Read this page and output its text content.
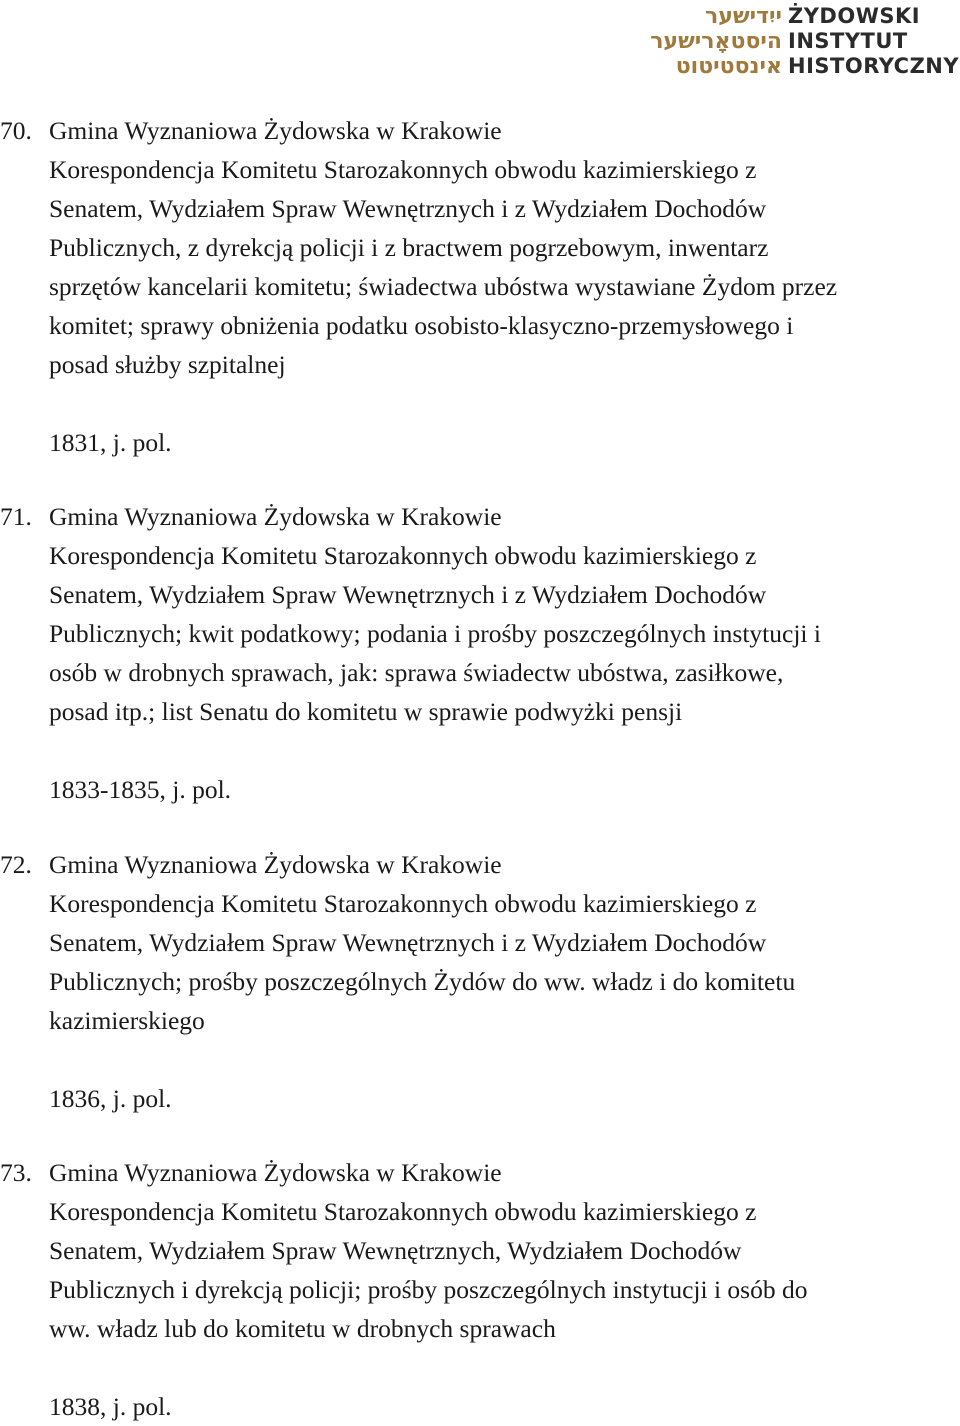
ייִדישער
היסטאָרישער
אינסטיטוט
ŻYDOWSKI
INSTYTUT
HISTORYCZNY
70. Gmina Wyznaniowa Żydowska w Krakowie
Korespondencja Komitetu Starozakonnych obwodu kazimierskiego z
Senatem, Wydziałem Spraw Wewnętrznych i z Wydziałem Dochodów
Publicznych, z dyrekcją policji i z bractwem pogrzebowym, inwentarz
sprzętów kancelarii komitetu; świadectwa ubóstwa wystawiane Żydom przez
komitet; sprawy obniżenia podatku osobisto-klasyczno-przemysłowego i
posad służby szpitalnej
1831, j. pol.
71. Gmina Wyznaniowa Żydowska w Krakowie
Korespondencja Komitetu Starozakonnych obwodu kazimierskiego z
Senatem, Wydziałem Spraw Wewnętrznych i z Wydziałem Dochodów
Publicznych; kwit podatkowy; podania i prośby poszczególnych instytucji i
osób w drobnych sprawach, jak: sprawa świadectw ubóstwa, zasiłkowe,
posad itp.; list Senatu do komitetu w sprawie podwyżki pensji
1833-1835, j. pol.
72. Gmina Wyznaniowa Żydowska w Krakowie
Korespondencja Komitetu Starozakonnych obwodu kazimierskiego z
Senatem, Wydziałem Spraw Wewnętrznych i z Wydziałem Dochodów
Publicznych; prośby poszczególnych Żydów do ww. władz i do komitetu
kazimierskiego
1836, j. pol.
73. Gmina Wyznaniowa Żydowska w Krakowie
Korespondencja Komitetu Starozakonnych obwodu kazimierskiego z
Senatem, Wydziałem Spraw Wewnętrznych, Wydziałem Dochodów
Publicznych i dyrekcją policji; prośby poszczególnych instytucji i osób do
ww. władz lub do komitetu w drobnych sprawach
1838, j. pol.
